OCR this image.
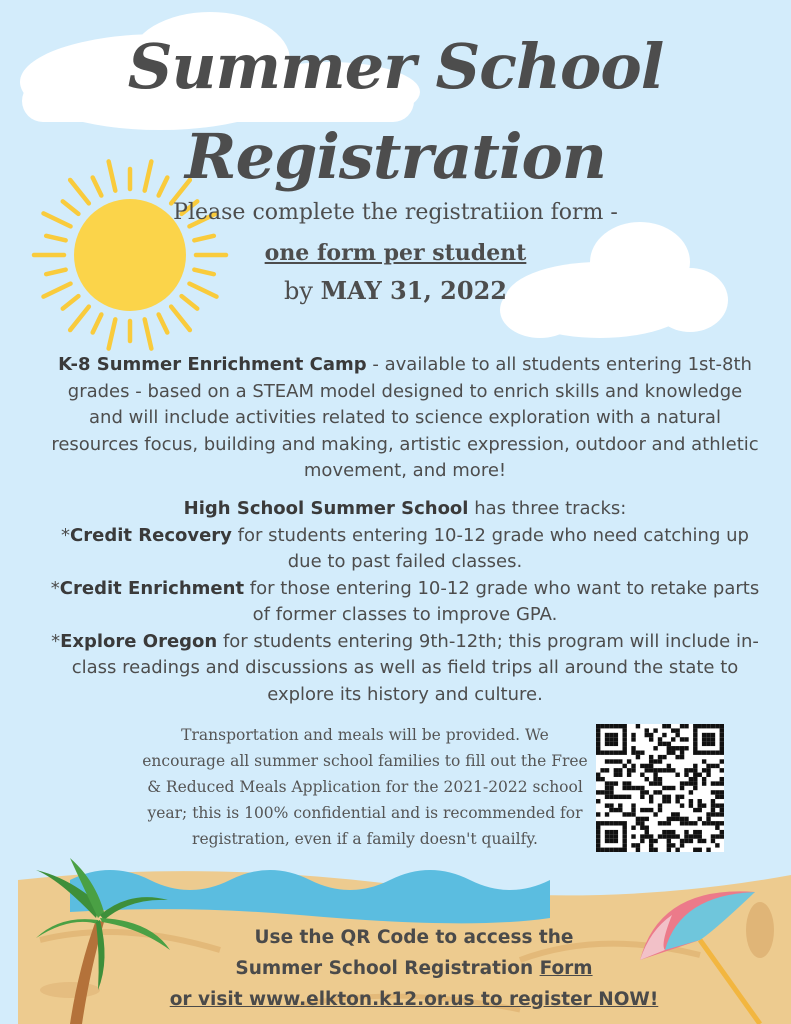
Summer School
Registration
Please complete the registratiion form -
one form per student
by MAY 31, 2022
K-8 Summer Enrichment Camp - available to all students entering 1st-8th grades - based on a STEAM model designed to enrich skills and knowledge and will include activities related to science exploration with a natural resources focus, building and making, artistic expression, outdoor and athletic movement, and more!
High School Summer School has three tracks:
*Credit Recovery for students entering 10-12 grade who need catching up due to past failed classes.
*Credit Enrichment for those entering 10-12 grade who want to retake parts of former classes to improve GPA.
*Explore Oregon for students entering 9th-12th; this program will include in-class readings and discussions as well as field trips all around the state to explore its history and culture.
Transportation and meals will be provided. We encourage all summer school families to fill out the Free & Reduced Meals Application for the 2021-2022 school year; this is 100% confidential and is recommended for registration, even if a family doesn't quailfy.
Use the QR Code to access the
Summer School Registration Form
or visit www.elkton.k12.or.us to register NOW!
